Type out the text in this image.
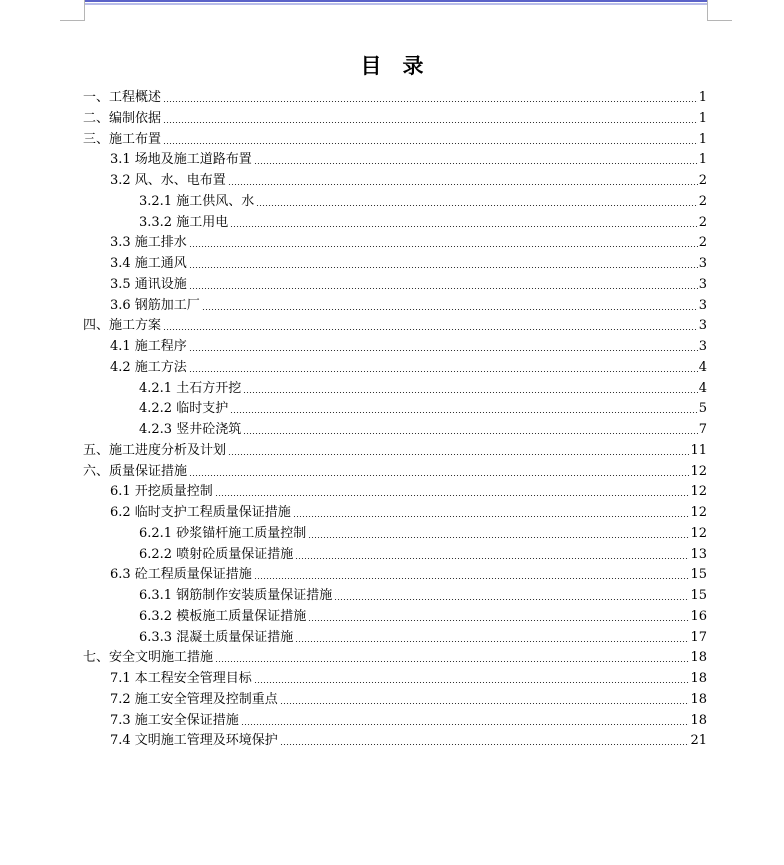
目　录
一、工程概述	1
二、编制依据	1
三、施工布置	1
3.1 场地及施工道路布置	1
3.2 风、水、电布置	2
3.2.1 施工供风、水	2
3.3.2 施工用电	2
3.3 施工排水	2
3.4 施工通风	3
3.5 通讯设施	3
3.6 钢筋加工厂	3
四、施工方案	3
4.1 施工程序	3
4.2 施工方法	4
4.2.1 土石方开挖	4
4.2.2 临时支护	5
4.2.3 竖井砼浇筑	7
五、施工进度分析及计划	11
六、质量保证措施	12
6.1 开挖质量控制	12
6.2 临时支护工程质量保证措施	12
6.2.1 砂浆锚杆施工质量控制	12
6.2.2 喷射砼质量保证措施	13
6.3 砼工程质量保证措施	15
6.3.1 钢筋制作安装质量保证措施	15
6.3.2 模板施工质量保证措施	16
6.3.3 混凝土质量保证措施	17
七、安全文明施工措施	18
7.1 本工程安全管理目标	18
7.2 施工安全管理及控制重点	18
7.3 施工安全保证措施	18
7.4 文明施工管理及环境保护	21
